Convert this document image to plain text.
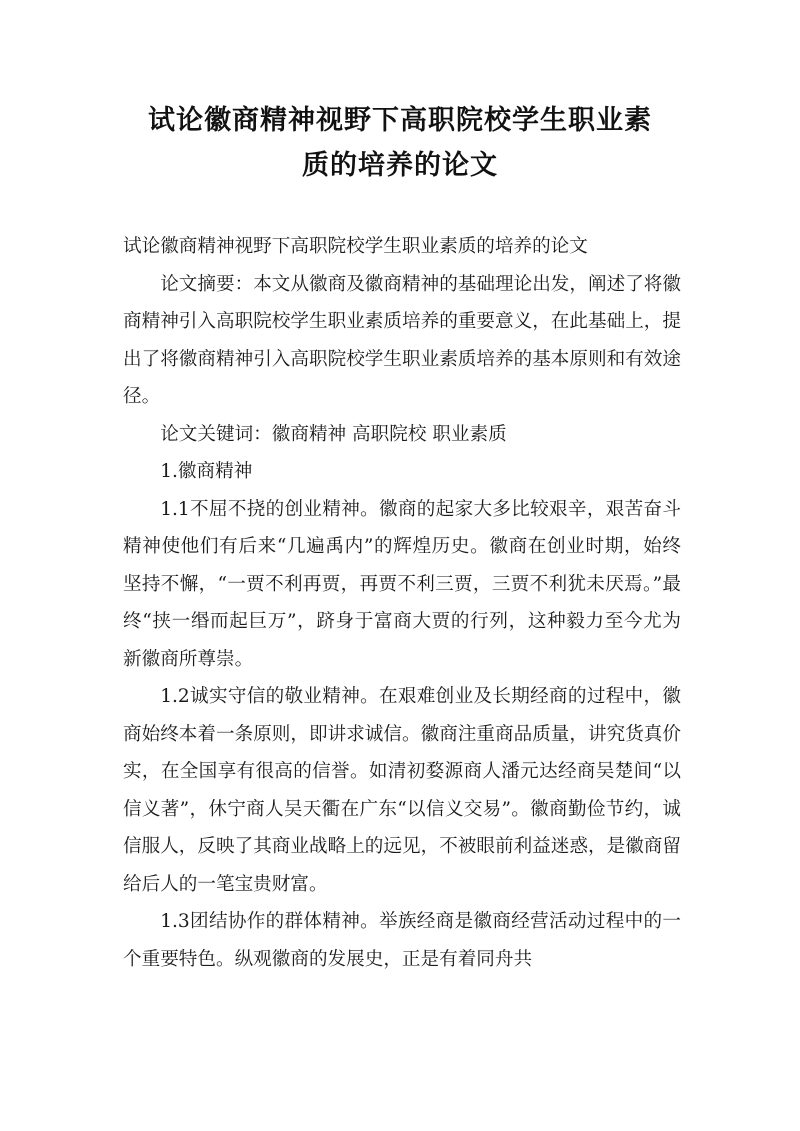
试论徽商精神视野下高职院校学生职业素
质的培养的论文

试论徽商精神视野下高职院校学生职业素质的培养的论文

论文摘要：本文从徽商及徽商精神的基础理论出发，阐述了将徽商精神引入高职院校学生职业素质培养的重要意义，在此基础上，提出了将徽商精神引入高职院校学生职业素质培养的基本原则和有效途径。

论文关键词：徽商精神 高职院校 职业素质

1.徽商精神

1.1不屈不挠的创业精神。徽商的起家大多比较艰辛，艰苦奋斗精神使他们有后来“几遍禹内”的辉煌历史。徽商在创业时期，始终坚持不懈，“一贾不利再贾，再贾不利三贾，三贾不利犹未厌焉。”最终“挟一缗而起巨万”，跻身于富商大贾的行列，这种毅力至今尤为新徽商所尊崇。

1.2诚实守信的敬业精神。在艰难创业及长期经商的过程中，徽商始终本着一条原则，即讲求诚信。徽商注重商品质量，讲究货真价实，在全国享有很高的信誉。如清初婺源商人潘元达经商吴楚间“以信义著”，休宁商人吴天衢在广东“以信义交易”。徽商勤俭节约，诚信服人，反映了其商业战略上的远见，不被眼前利益迷惑，是徽商留给后人的一笔宝贵财富。

1.3团结协作的群体精神。举族经商是徽商经营活动过程中的一个重要特色。纵观徽商的发展史，正是有着同舟共
